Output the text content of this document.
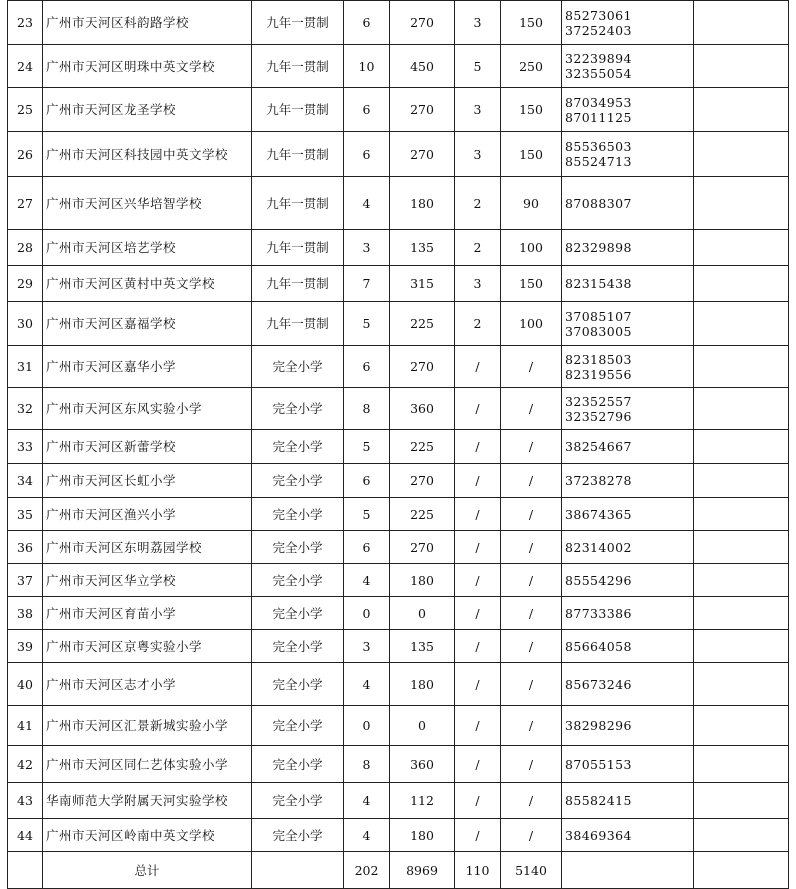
23	广州市天河区科韵路学校	九年一贯制	6	270	3	150	85273061
37252403	

24	广州市天河区明珠中英文学校	九年一贯制	10	450	5	250	32239894
32355054	

25	广州市天河区龙圣学校	九年一贯制	6	270	3	150	87034953
87011125	

26	广州市天河区科技园中英文学校	九年一贯制	6	270	3	150	85536503
85524713	

27	广州市天河区兴华培智学校	九年一贯制	4	180	2	90	87088307	

28	广州市天河区培艺学校	九年一贯制	3	135	2	100	82329898	

29	广州市天河区黄村中英文学校	九年一贯制	7	315	3	150	82315438	

30	广州市天河区嘉福学校	九年一贯制	5	225	2	100	37085107
37083005	

31	广州市天河区嘉华小学	完全小学	6	270	/	/	82318503
82319556	

32	广州市天河区东风实验小学	完全小学	8	360	/	/	32352557
32352796	

33	广州市天河区新蕾学校	完全小学	5	225	/	/	38254667	

34	广州市天河区长虹小学	完全小学	6	270	/	/	37238278	

35	广州市天河区渔兴小学	完全小学	5	225	/	/	38674365	

36	广州市天河区东明荔园学校	完全小学	6	270	/	/	82314002	

37	广州市天河区华立学校	完全小学	4	180	/	/	85554296	

38	广州市天河区育苗小学	完全小学	0	0	/	/	87733386	

39	广州市天河区京粤实验小学	完全小学	3	135	/	/	85664058	

40	广州市天河区志才小学	完全小学	4	180	/	/	85673246	

41	广州市天河区汇景新城实验小学	完全小学	0	0	/	/	38298296	

42	广州市天河区同仁艺体实验小学	完全小学	8	360	/	/	87055153	

43	华南师范大学附属天河实验学校	完全小学	4	112	/	/	85582415	

44	广州市天河区岭南中英文学校	完全小学	4	180	/	/	38469364	

	总计		202	8969	110	5140		
